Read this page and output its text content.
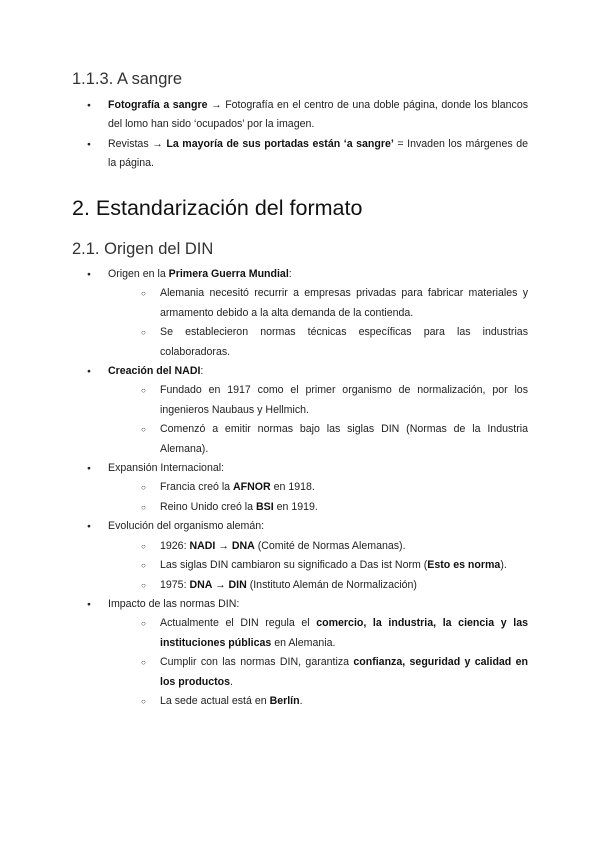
1.1.3. A sangre
● Fotografía a sangre → Fotografía en el centro de una doble página, donde los blancos del lomo han sido ‘ocupados’ por la imagen.
● Revistas → La mayoría de sus portadas están ‘a sangre’ = Invaden los márgenes de la página.
2. Estandarización del formato
2.1. Origen del DIN
● Origen en la Primera Guerra Mundial:
○ Alemania necesitó recurrir a empresas privadas para fabricar materiales y armamento debido a la alta demanda de la contienda.
○ Se establecieron normas técnicas específicas para las industrias colaboradoras.
● Creación del NADI:
○ Fundado en 1917 como el primer organismo de normalización, por los ingenieros Naubaus y Hellmich.
○ Comenzó a emitir normas bajo las siglas DIN (Normas de la Industria Alemana).
● Expansión Internacional:
○ Francia creó la AFNOR en 1918.
○ Reino Unido creó la BSI en 1919.
● Evolución del organismo alemán:
○ 1926: NADI → DNA (Comité de Normas Alemanas).
○ Las siglas DIN cambiaron su significado a Das ist Norm (Esto es norma).
○ 1975: DNA → DIN (Instituto Alemán de Normalización)
● Impacto de las normas DIN:
○ Actualmente el DIN regula el comercio, la industria, la ciencia y las instituciones públicas en Alemania.
○ Cumplir con las normas DIN, garantiza confianza, seguridad y calidad en los productos.
○ La sede actual está en Berlín.
